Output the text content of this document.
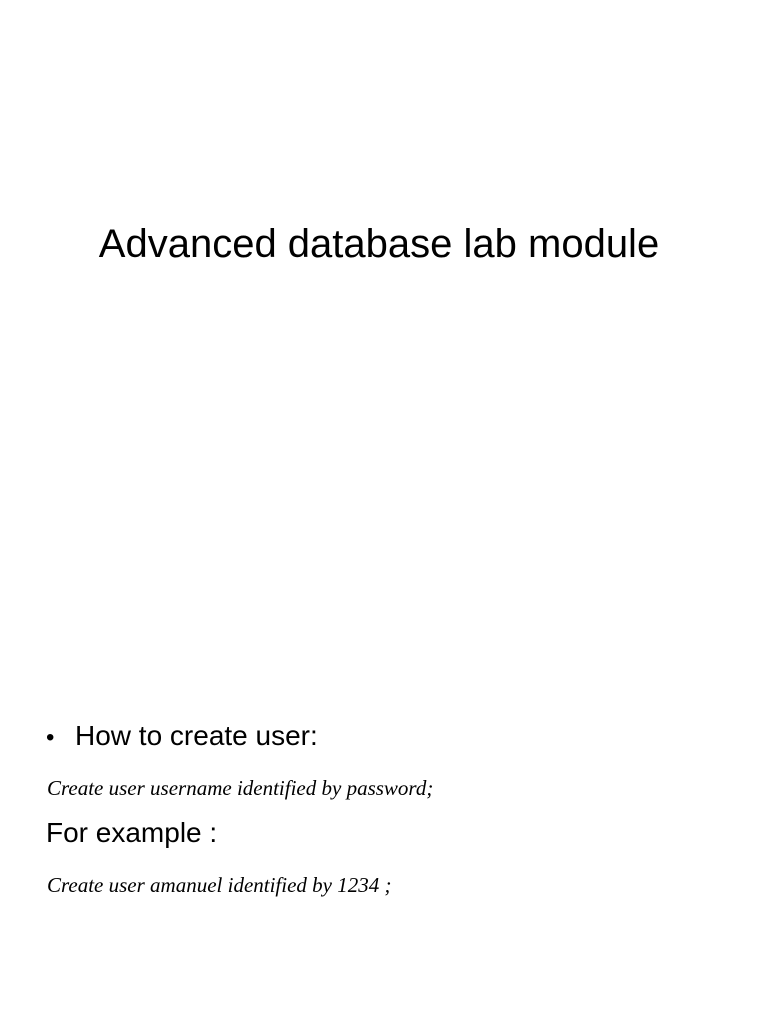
Advanced database lab module
• How to create user:
Create user username identified by password;
For example :
Create user amanuel identified by 1234 ;
